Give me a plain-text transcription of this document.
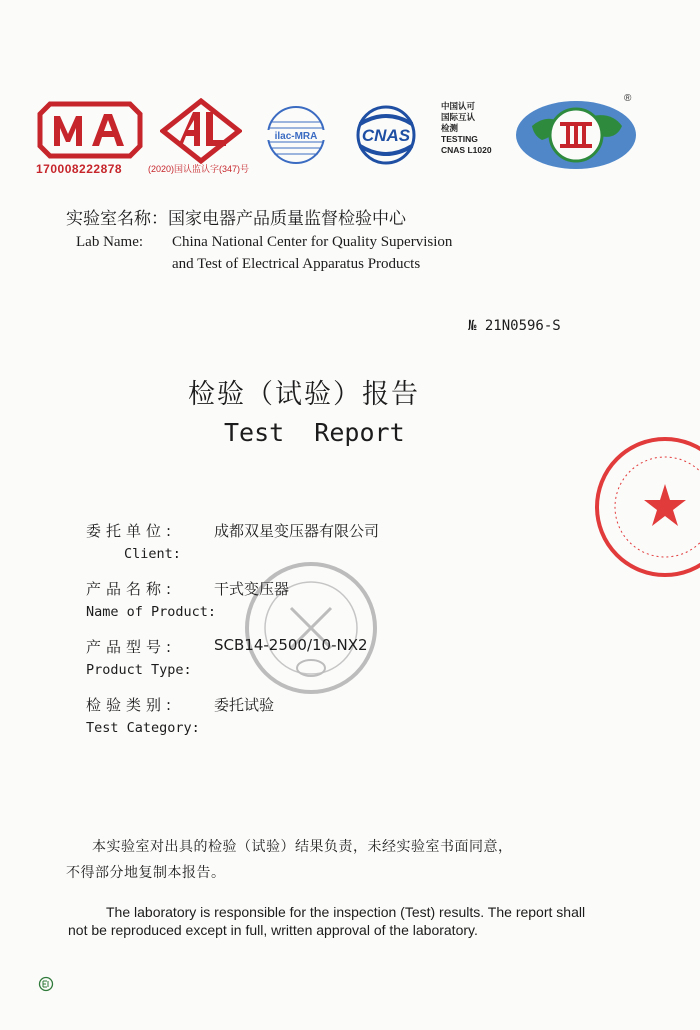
170008222878	(2020)国认监认字(347)号
ilac-MRA	CNAS
中国认可
国际互认
检测
TESTING
CNAS L1020
®
实验室名称：国家电器产品质量监督检验中心
Lab Name: China National Center for Quality Supervision
and Test of Electrical Apparatus Products
№ 21N0596-S
检验（试验）报告
Test  Report
委托单位:	成都双星变压器有限公司
Client:
产品名称:	干式变压器
Name of Product:
产品型号:	SCB14-2500/10-NX2
Product Type:
检验类别:	委托试验
Test Category:
本实验室对出具的检验（试验）结果负责，未经实验室书面同意，
不得部分地复制本报告。
The laboratory is responsible for the inspection (Test) results. The report shall
not be reproduced except in full, written approval of the laboratory.
